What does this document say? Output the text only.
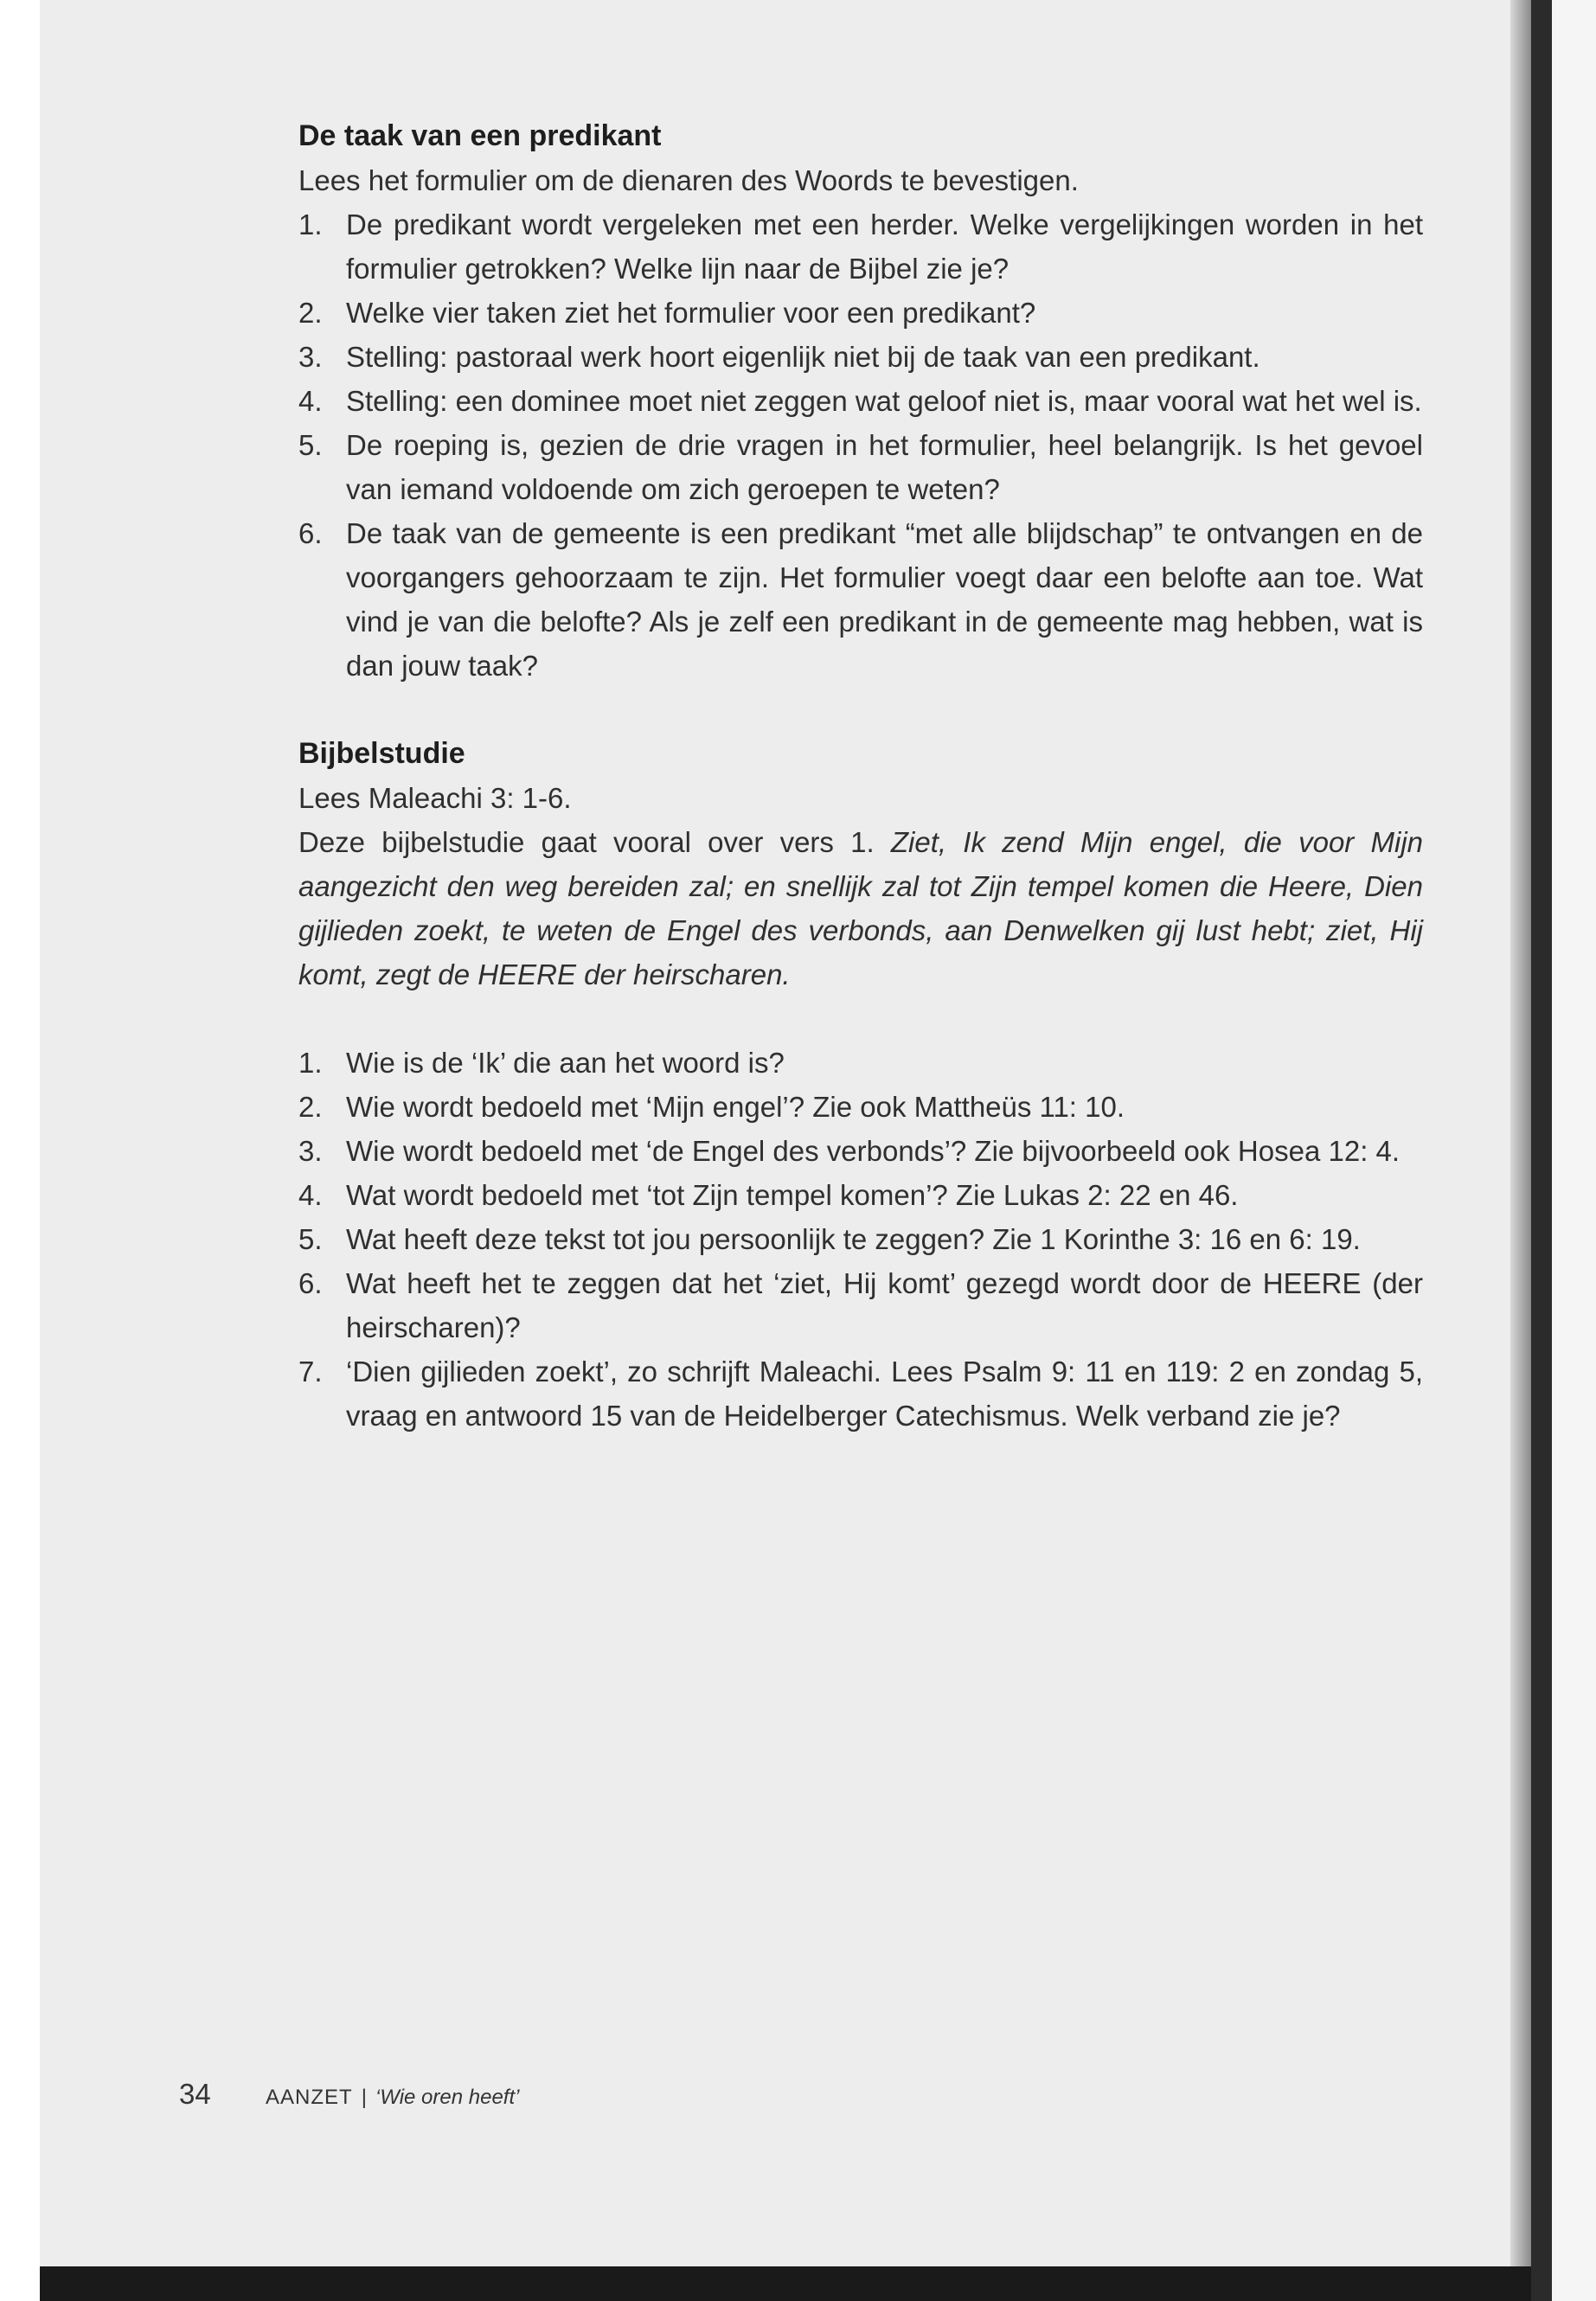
De taak van een predikant

Lees het formulier om de dienaren des Woords te bevestigen.

1. De predikant wordt vergeleken met een herder. Welke vergelijkingen worden in het formulier getrokken? Welke lijn naar de Bijbel zie je?
2. Welke vier taken ziet het formulier voor een predikant?
3. Stelling: pastoraal werk hoort eigenlijk niet bij de taak van een predikant.
4. Stelling: een dominee moet niet zeggen wat geloof niet is, maar vooral wat het wel is.
5. De roeping is, gezien de drie vragen in het formulier, heel belangrijk. Is het gevoel van iemand voldoende om zich geroepen te weten?
6. De taak van de gemeente is een predikant “met alle blijdschap” te ontvangen en de voorgangers gehoorzaam te zijn. Het formulier voegt daar een belofte aan toe. Wat vind je van die belofte? Als je zelf een predikant in de gemeente mag hebben, wat is dan jouw taak?
Bijbelstudie

Lees Maleachi 3: 1-6.

Deze bijbelstudie gaat vooral over vers 1. Ziet, Ik zend Mijn engel, die voor Mijn aangezicht den weg bereiden zal; en snellijk zal tot Zijn tempel komen die Heere, Dien gijlieden zoekt, te weten de Engel des verbonds, aan Denwelken gij lust hebt; ziet, Hij komt, zegt de HEERE der heirscharen.

1. Wie is de ‘Ik’ die aan het woord is?
2. Wie wordt bedoeld met ‘Mijn engel’? Zie ook Mattheüs 11: 10.
3. Wie wordt bedoeld met ‘de Engel des verbonds’? Zie bijvoorbeeld ook Hosea 12: 4.
4. Wat wordt bedoeld met ‘tot Zijn tempel komen’? Zie Lukas 2: 22 en 46.
5. Wat heeft deze tekst tot jou persoonlijk te zeggen? Zie 1 Korinthe 3: 16 en 6: 19.
6. Wat heeft het te zeggen dat het ‘ziet, Hij komt’ gezegd wordt door de HEERE (der heirscharen)?
7. ‘Dien gijlieden zoekt’, zo schrijft Maleachi. Lees Psalm 9: 11 en 119: 2 en zondag 5, vraag en antwoord 15 van de Heidelberger Catechismus. Welk verband zie je?
34	AANZET | ‘Wie oren heeft’
